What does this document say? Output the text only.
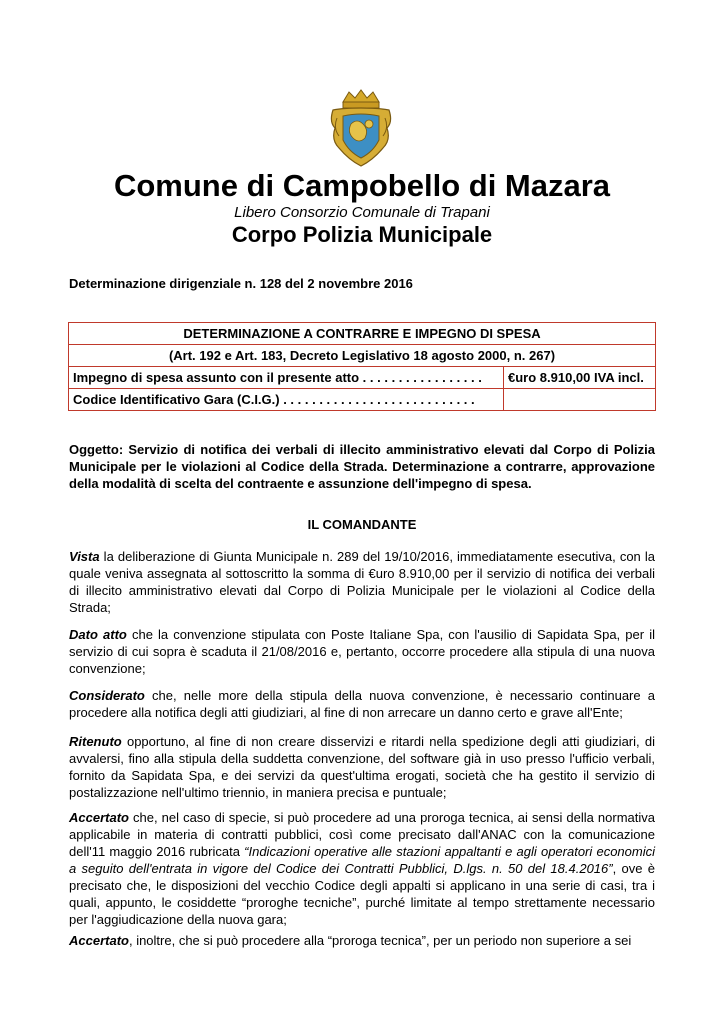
Comune di Campobello di Mazara
Libero Consorzio Comunale di Trapani
Corpo Polizia Municipale
Determinazione dirigenziale n. 128 del 2 novembre 2016
DETERMINAZIONE A CONTRARRE E IMPEGNO DI SPESA	
(Art. 192 e Art. 183, Decreto Legislativo 18 agosto 2000, n. 267)	
Impegno di spesa assunto con il presente atto . . . . . . . . . . . . . . . . .	€uro 8.910,00 IVA incl.
Codice Identificativo Gara (C.I.G.) . . . . . . . . . . . . . . . . . . . . . . . . . . .	
Oggetto: Servizio di notifica dei verbali di illecito amministrativo elevati dal Corpo di Polizia Municipale per le violazioni al Codice della Strada. Determinazione a contrarre, approvazione della modalità di scelta del contraente e assunzione dell'impegno di spesa.
IL COMANDANTE
Vista la deliberazione di Giunta Municipale n. 289 del 19/10/2016, immediatamente esecutiva, con la quale veniva assegnata al sottoscritto la somma di €uro 8.910,00 per il servizio di notifica dei verbali di illecito amministrativo elevati dal Corpo di Polizia Municipale per le violazioni al Codice della Strada;
Dato atto che la convenzione stipulata con Poste Italiane Spa, con l'ausilio di Sapidata Spa, per il servizio di cui sopra è scaduta il 21/08/2016 e, pertanto, occorre procedere alla stipula di una nuova convenzione;
Considerato che, nelle more della stipula della nuova convenzione, è necessario continuare a procedere alla notifica degli atti giudiziari, al fine di non arrecare un danno certo e grave all'Ente;
Ritenuto opportuno, al fine di non creare disservizi e ritardi nella spedizione degli atti giudiziari, di avvalersi, fino alla stipula della suddetta convenzione, del software già in uso presso l'ufficio verbali, fornito da Sapidata Spa, e dei servizi da quest'ultima erogati, società che ha gestito il servizio di postalizzazione nell'ultimo triennio, in maniera precisa e puntuale;
Accertato che, nel caso di specie, si può procedere ad una proroga tecnica, ai sensi della normativa applicabile in materia di contratti pubblici, così come precisato dall'ANAC con la comunicazione dell'11 maggio 2016 rubricata “Indicazioni operative alle stazioni appaltanti e agli operatori economici a seguito dell'entrata in vigore del Codice dei Contratti Pubblici, D.lgs. n. 50 del 18.4.2016”, ove è precisato che, le disposizioni del vecchio Codice degli appalti si applicano in una serie di casi, tra i quali, appunto, le cosiddette “proroghe tecniche”, purché limitate al tempo strettamente necessario per l'aggiudicazione della nuova gara;
Accertato, inoltre, che si può procedere alla “proroga tecnica”, per un periodo non superiore a sei
